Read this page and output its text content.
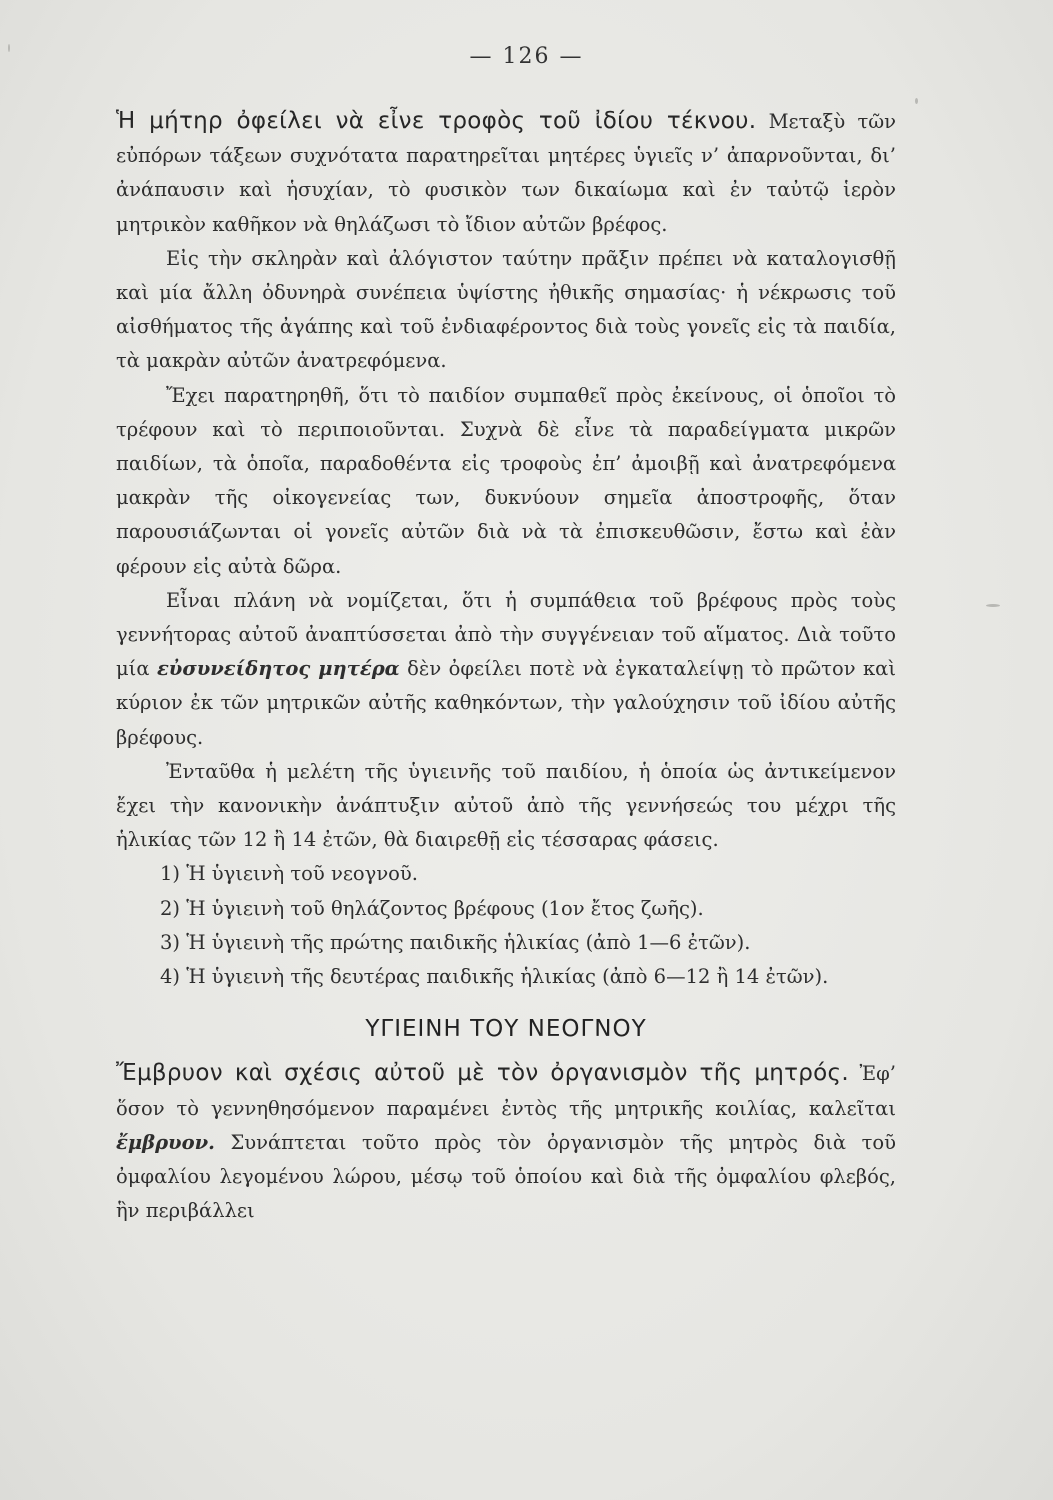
— 126 —

Ἡ μήτηρ ὀφείλει νὰ εἶνε τροφὸς τοῦ ἰδίου τέκνου. Μεταξὺ τῶν εὐπόρων τάξεων συχνότατα παρατηρεῖται μητέρες ὑγιεῖς ν’ ἀπαρνοῦνται, δι’ ἀνάπαυσιν καὶ ἡσυχίαν, τὸ φυσικὸν των δικαίωμα καὶ ἐν ταὐτῷ ἱερὸν μητρικὸν καθῆκον νὰ θηλάζωσι τὸ ἴδιον αὐτῶν βρέφος.

Εἰς τὴν σκληρὰν καὶ ἀλόγιστον ταύτην πρᾶξιν πρέπει νὰ καταλογισθῇ καὶ μία ἄλλη ὀδυνηρὰ συνέπεια ὑψίστης ἠθικῆς σημασίας· ἡ νέκρωσις τοῦ αἰσθήματος τῆς ἀγάπης καὶ τοῦ ἐνδιαφέροντος διὰ τοὺς γονεῖς εἰς τὰ παιδία, τὰ μακρὰν αὐτῶν ἀνατρεφόμενα.

Ἔχει παρατηρηθῆ, ὅτι τὸ παιδίον συμπαθεῖ πρὸς ἐκείνους, οἱ ὁποῖοι τὸ τρέφουν καὶ τὸ περιποιοῦνται. Συχνὰ δὲ εἶνε τὰ παραδείγματα μικρῶν παιδίων, τὰ ὁποῖα, παραδοθέντα εἰς τροφοὺς ἐπ’ ἀμοιβῇ καὶ ἀνατρεφόμενα μακρὰν τῆς οἰκογενείας των, δυκνύουν σημεῖα ἀποστροφῆς, ὅταν παρουσιάζωνται οἱ γονεῖς αὐτῶν διὰ νὰ τὰ ἐπισκευθῶσιν, ἔστω καὶ ἐὰν φέρουν εἰς αὐτὰ δῶρα.

Εἶναι πλάνη νὰ νομίζεται, ὅτι ἡ συμπάθεια τοῦ βρέφους πρὸς τοὺς γεννήτορας αὐτοῦ ἀναπτύσσεται ἀπὸ τὴν συγγένειαν τοῦ αἵματος. Διὰ τοῦτο μία εὐσυνείδητος μητέρα δὲν ὀφείλει ποτὲ νὰ ἐγκαταλείψῃ τὸ πρῶτον καὶ κύριον ἐκ τῶν μητρικῶν αὐτῆς καθηκόντων, τὴν γαλούχησιν τοῦ ἰδίου αὐτῆς βρέφους.

Ἐνταῦθα ἡ μελέτη τῆς ὑγιεινῆς τοῦ παιδίου, ἡ ὁποία ὡς ἀντικείμενον ἔχει τὴν κανονικὴν ἀνάπτυξιν αὐτοῦ ἀπὸ τῆς γεννήσεώς του μέχρι τῆς ἡλικίας τῶν 12 ἢ 14 ἐτῶν, θὰ διαιρεθῇ εἰς τέσσαρας φάσεις.

1) Ἡ ὑγιεινὴ τοῦ νεογνοῦ.

2) Ἡ ὑγιεινὴ τοῦ θηλάζοντος βρέφους (1ον ἔτος ζωῆς).

3) Ἡ ὑγιεινὴ τῆς πρώτης παιδικῆς ἡλικίας (ἀπὸ 1—6 ἐτῶν).

4) Ἡ ὑγιεινὴ τῆς δευτέρας παιδικῆς ἡλικίας (ἀπὸ 6—12 ἢ 14 ἐτῶν).

ΥΓΙΕΙΝΗ ΤΟΥ ΝΕΟΓΝΟΥ

Ἔμβρυον καὶ σχέσις αὐτοῦ μὲ τὸν ὀργανισμὸν τῆς μητρός. Ἐφ’ ὅσον τὸ γεννηθησόμενον παραμένει ἐντὸς τῆς μητρικῆς κοιλίας, καλεῖται ἔμβρυον. Συνάπτεται τοῦτο πρὸς τὸν ὀργανισμὸν τῆς μητρὸς διὰ τοῦ ὀμφαλίου λεγομένου λώρου, μέσῳ τοῦ ὁποίου καὶ διὰ τῆς ὀμφαλίου φλεβός, ἣν περιβάλλει
